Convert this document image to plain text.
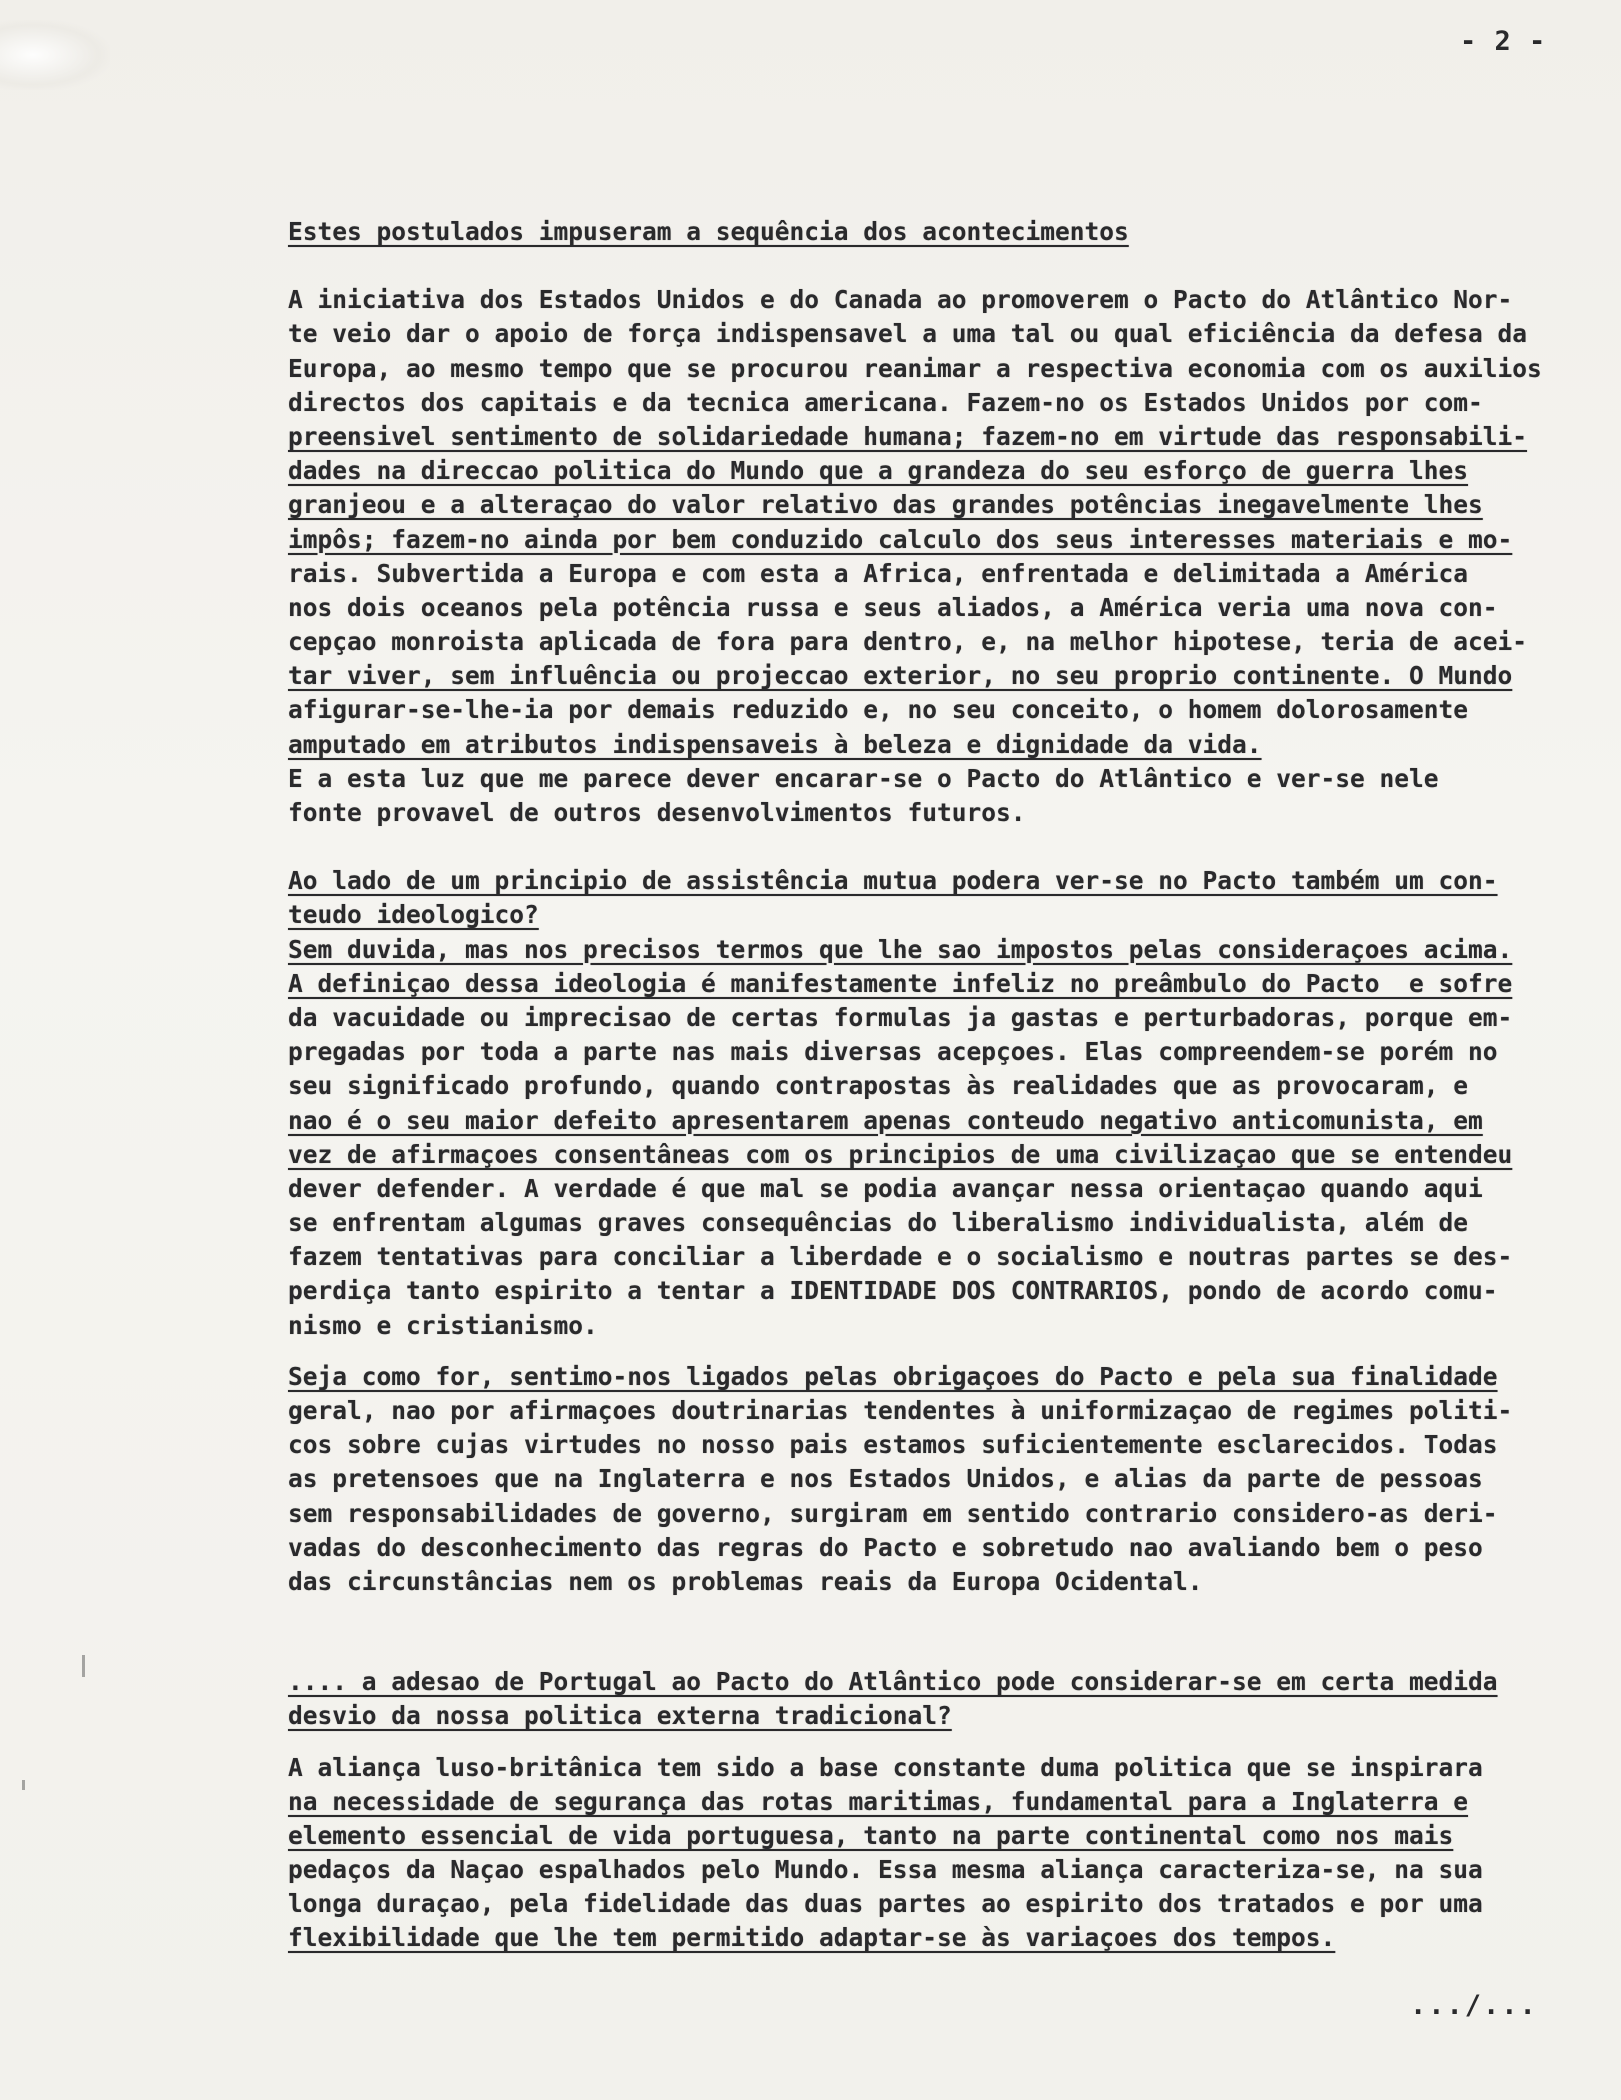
- 2 -
Estes postulados impuseram a sequência dos acontecimentos
A iniciativa dos Estados Unidos e do Canada ao promoverem o Pacto do Atlântico Nor-
te veio dar o apoio de força indispensavel a uma tal ou qual eficiência da defesa da
Europa, ao mesmo tempo que se procurou reanimar a respectiva economia com os auxilios
directos dos capitais e da tecnica americana. Fazem-no os Estados Unidos por com-
preensivel sentimento de solidariedade humana; fazem-no em virtude das responsabili-
dades na direccao politica do Mundo que a grandeza do seu esforço de guerra lhes
granjeou e a alteraçao do valor relativo das grandes potências inegavelmente lhes
impôs; fazem-no ainda por bem conduzido calculo dos seus interesses materiais e mo-
rais. Subvertida a Europa e com esta a Africa, enfrentada e delimitada a América
nos dois oceanos pela potência russa e seus aliados, a América veria uma nova con-
cepçao monroista aplicada de fora para dentro, e, na melhor hipotese, teria de acei-
tar viver, sem influência ou projeccao exterior, no seu proprio continente. O Mundo
afigurar-se-lhe-ia por demais reduzido e, no seu conceito, o homem dolorosamente
amputado em atributos indispensaveis à beleza e dignidade da vida.
E a esta luz que me parece dever encarar-se o Pacto do Atlântico e ver-se nele
fonte provavel de outros desenvolvimentos futuros.
Ao lado de um principio de assistência mutua podera ver-se no Pacto também um con-
teudo ideologico?
Sem duvida, mas nos precisos termos que lhe sao impostos pelas consideraçoes acima.
A definiçao dessa ideologia é manifestamente infeliz no preâmbulo do Pacto  e sofre
da vacuidade ou imprecisao de certas formulas ja gastas e perturbadoras, porque em-
pregadas por toda a parte nas mais diversas acepçoes. Elas compreendem-se porém no
seu significado profundo, quando contrapostas às realidades que as provocaram, e
nao é o seu maior defeito apresentarem apenas conteudo negativo anticomunista, em
vez de afirmaçoes consentâneas com os principios de uma civilizaçao que se entendeu
dever defender. A verdade é que mal se podia avançar nessa orientaçao quando aqui
se enfrentam algumas graves consequências do liberalismo individualista, além de
fazem tentativas para conciliar a liberdade e o socialismo e noutras partes se des-
perdiça tanto espirito a tentar a IDENTIDADE DOS CONTRARIOS, pondo de acordo comu-
nismo e cristianismo.
Seja como for, sentimo-nos ligados pelas obrigaçoes do Pacto e pela sua finalidade
geral, nao por afirmaçoes doutrinarias tendentes à uniformizaçao de regimes politi-
cos sobre cujas virtudes no nosso pais estamos suficientemente esclarecidos. Todas
as pretensoes que na Inglaterra e nos Estados Unidos, e alias da parte de pessoas
sem responsabilidades de governo, surgiram em sentido contrario considero-as deri-
vadas do desconhecimento das regras do Pacto e sobretudo nao avaliando bem o peso
das circunstâncias nem os problemas reais da Europa Ocidental.
.... a adesao de Portugal ao Pacto do Atlântico pode considerar-se em certa medida
desvio da nossa politica externa tradicional?
A aliança luso-britânica tem sido a base constante duma politica que se inspirara
na necessidade de segurança das rotas maritimas, fundamental para a Inglaterra e
elemento essencial de vida portuguesa, tanto na parte continental como nos mais
pedaços da Naçao espalhados pelo Mundo. Essa mesma aliança caracteriza-se, na sua
longa duraçao, pela fidelidade das duas partes ao espirito dos tratados e por uma
flexibilidade que lhe tem permitido adaptar-se às variaçoes dos tempos.
.../...
